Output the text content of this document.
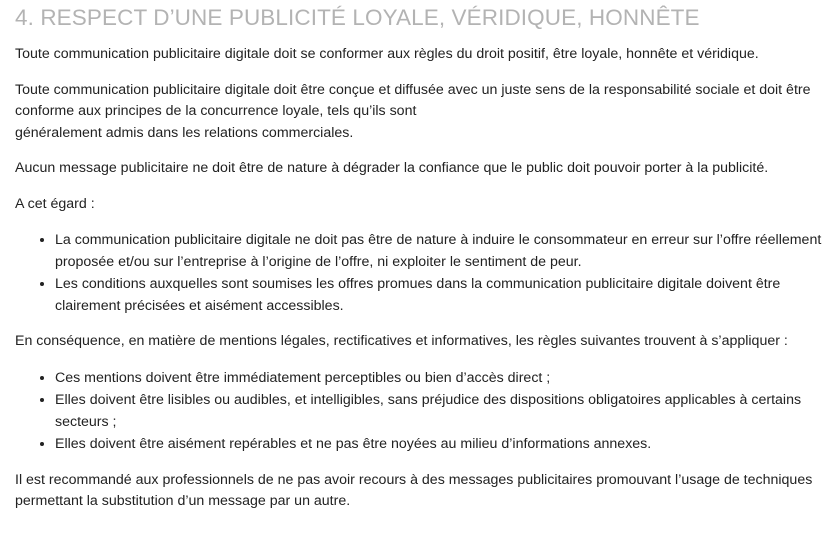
4. RESPECT D’UNE PUBLICITÉ LOYALE, VÉRIDIQUE, HONNÊTE

Toute communication publicitaire digitale doit se conformer aux règles du droit positif, être loyale, honnête et véridique.

Toute communication publicitaire digitale doit être conçue et diffusée avec un juste sens de la responsabilité sociale et doit être conforme aux principes de la concurrence loyale, tels qu’ils sont
généralement admis dans les relations commerciales.

Aucun message publicitaire ne doit être de nature à dégrader la confiance que le public doit pouvoir porter à la publicité.

A cet égard :

• La communication publicitaire digitale ne doit pas être de nature à induire le consommateur en erreur sur l’offre réellement proposée et/ou sur l’entreprise à l’origine de l’offre, ni exploiter le sentiment de peur.
• Les conditions auxquelles sont soumises les offres promues dans la communication publicitaire digitale doivent être clairement précisées et aisément accessibles.

En conséquence, en matière de mentions légales, rectificatives et informatives, les règles suivantes trouvent à s’appliquer :

• Ces mentions doivent être immédiatement perceptibles ou bien d’accès direct ;
• Elles doivent être lisibles ou audibles, et intelligibles, sans préjudice des dispositions obligatoires applicables à certains secteurs ;
• Elles doivent être aisément repérables et ne pas être noyées au milieu d’informations annexes.

Il est recommandé aux professionnels de ne pas avoir recours à des messages publicitaires promouvant l’usage de techniques permettant la substitution d’un message par un autre.
